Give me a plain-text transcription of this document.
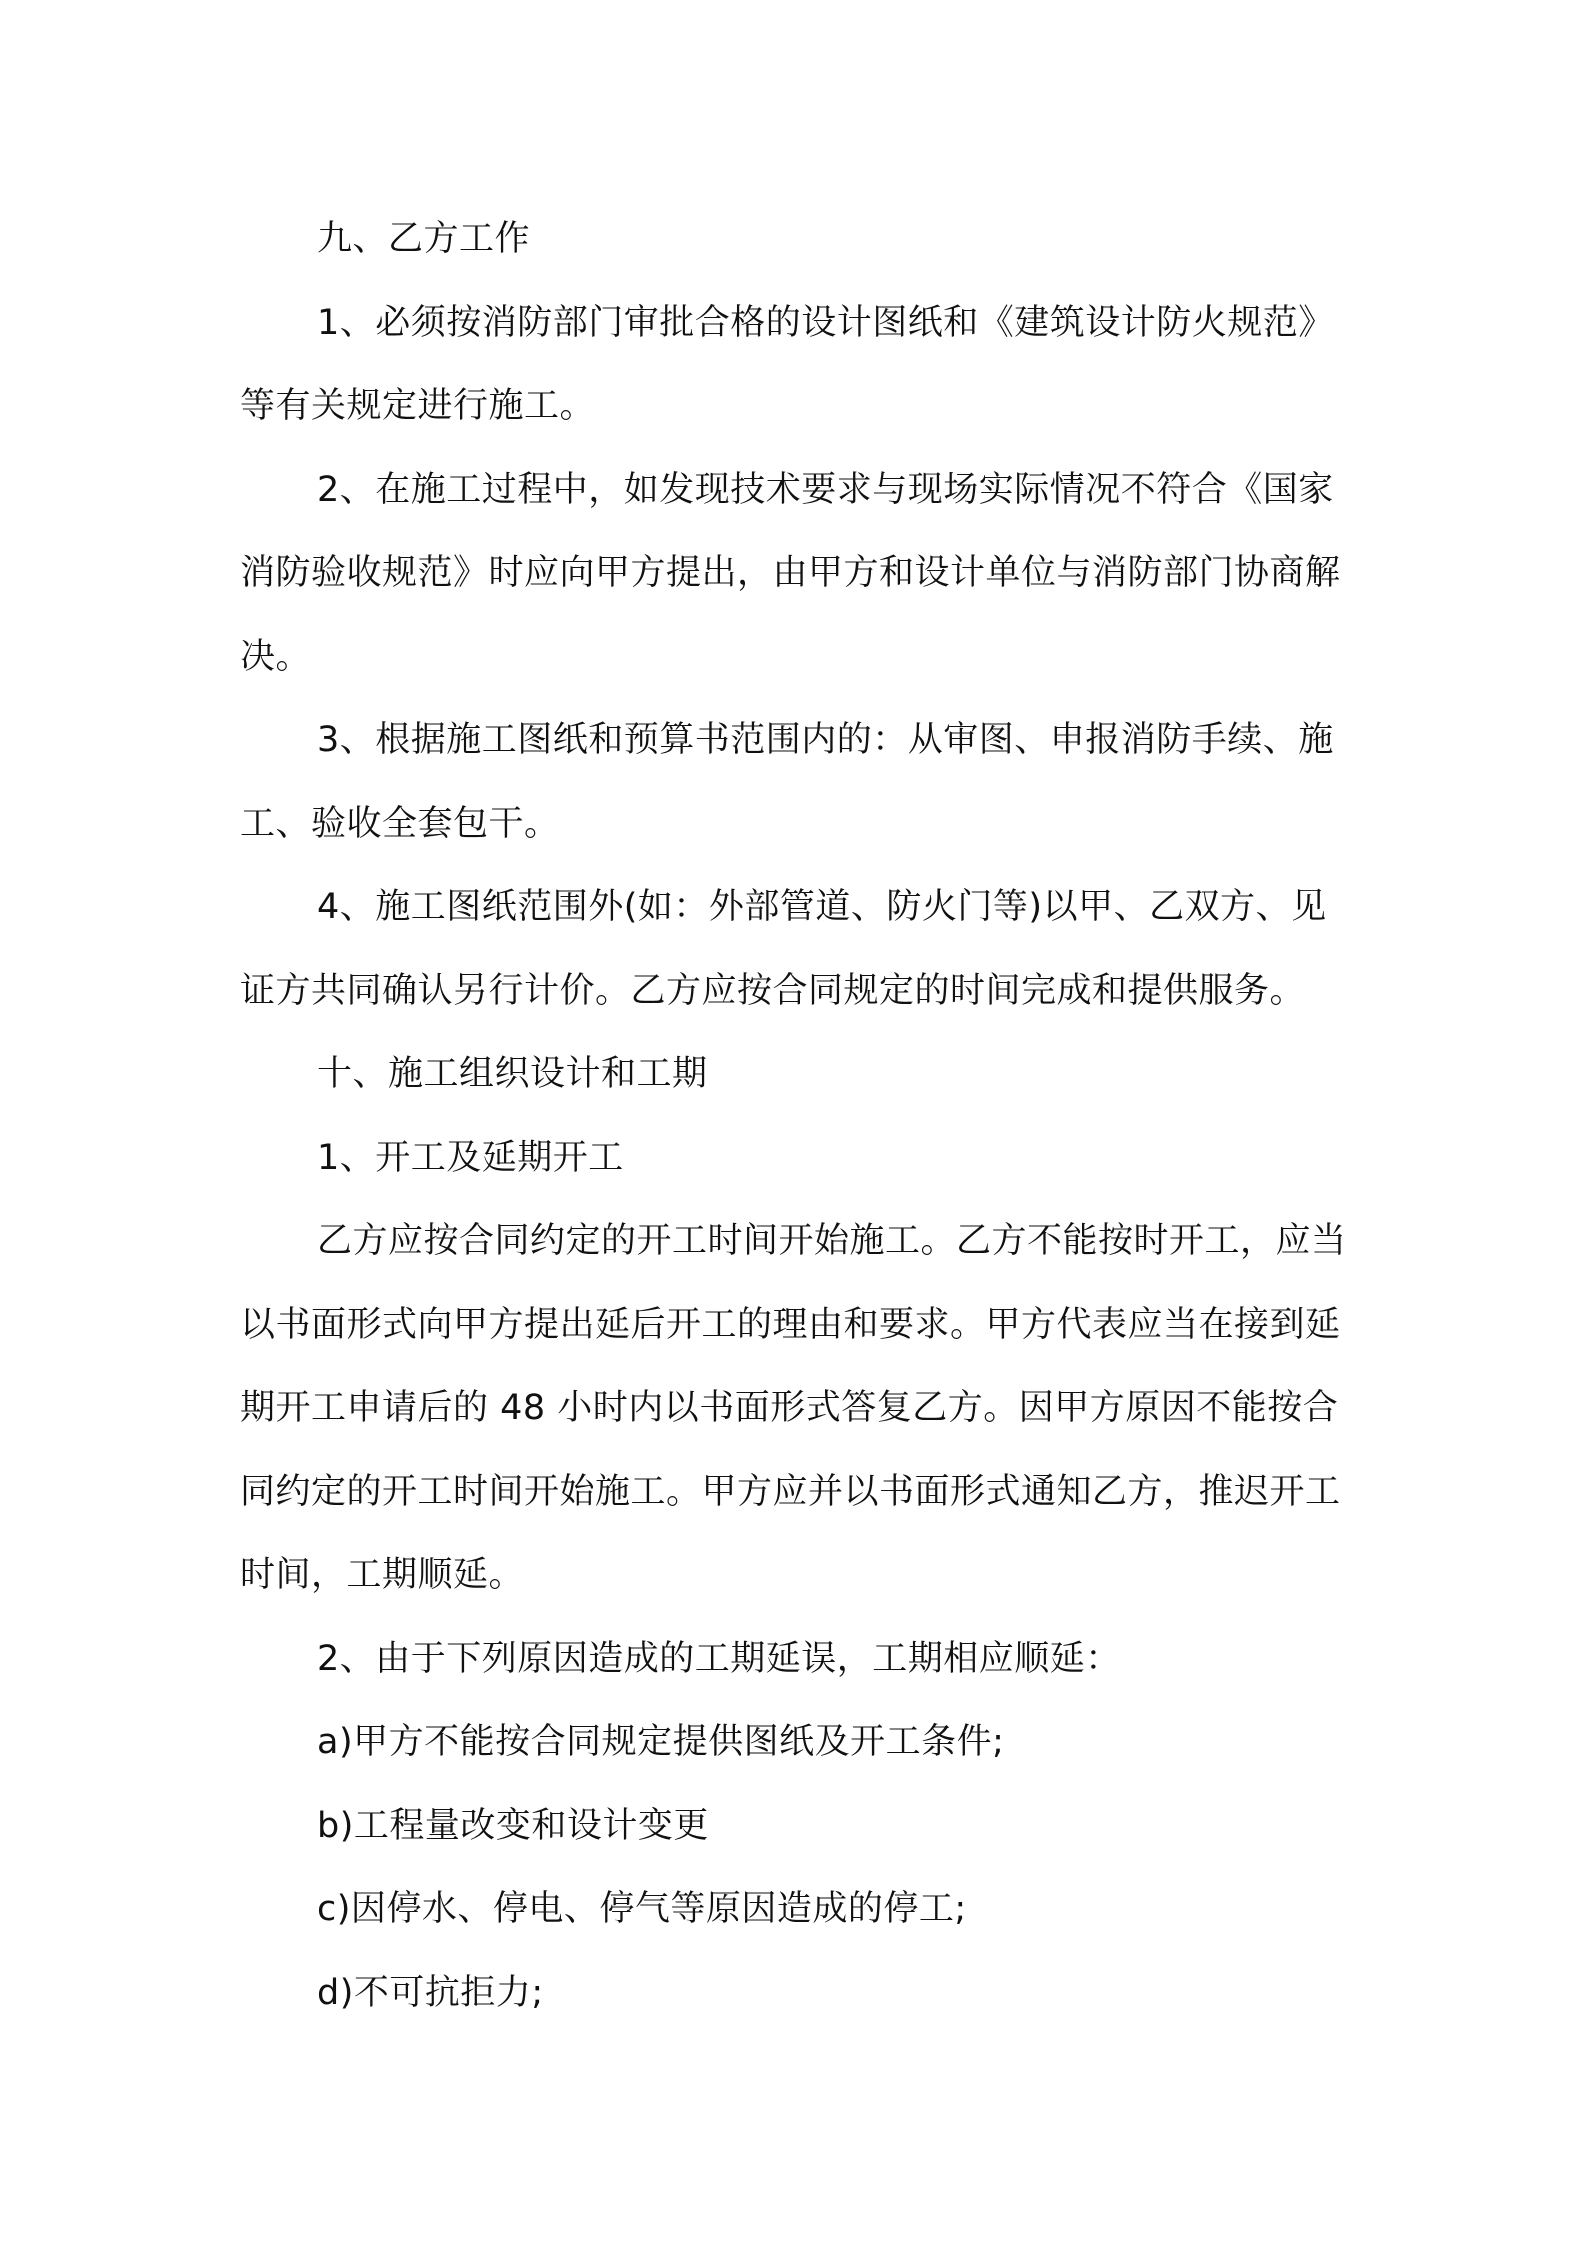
九、乙方工作

1、必须按消防部门审批合格的设计图纸和《建筑设计防火规范》等有关规定进行施工。

2、在施工过程中，如发现技术要求与现场实际情况不符合《国家消防验收规范》时应向甲方提出，由甲方和设计单位与消防部门协商解决。

3、根据施工图纸和预算书范围内的：从审图、申报消防手续、施工、验收全套包干。

4、施工图纸范围外(如：外部管道、防火门等)以甲、乙双方、见证方共同确认另行计价。乙方应按合同规定的时间完成和提供服务。

十、施工组织设计和工期

1、开工及延期开工

乙方应按合同约定的开工时间开始施工。乙方不能按时开工，应当以书面形式向甲方提出延后开工的理由和要求。甲方代表应当在接到延期开工申请后的 48 小时内以书面形式答复乙方。因甲方原因不能按合同约定的开工时间开始施工。甲方应并以书面形式通知乙方，推迟开工时间，工期顺延。

2、由于下列原因造成的工期延误，工期相应顺延：

a)甲方不能按合同规定提供图纸及开工条件;

b)工程量改变和设计变更

c)因停水、停电、停气等原因造成的停工;

d)不可抗拒力;
